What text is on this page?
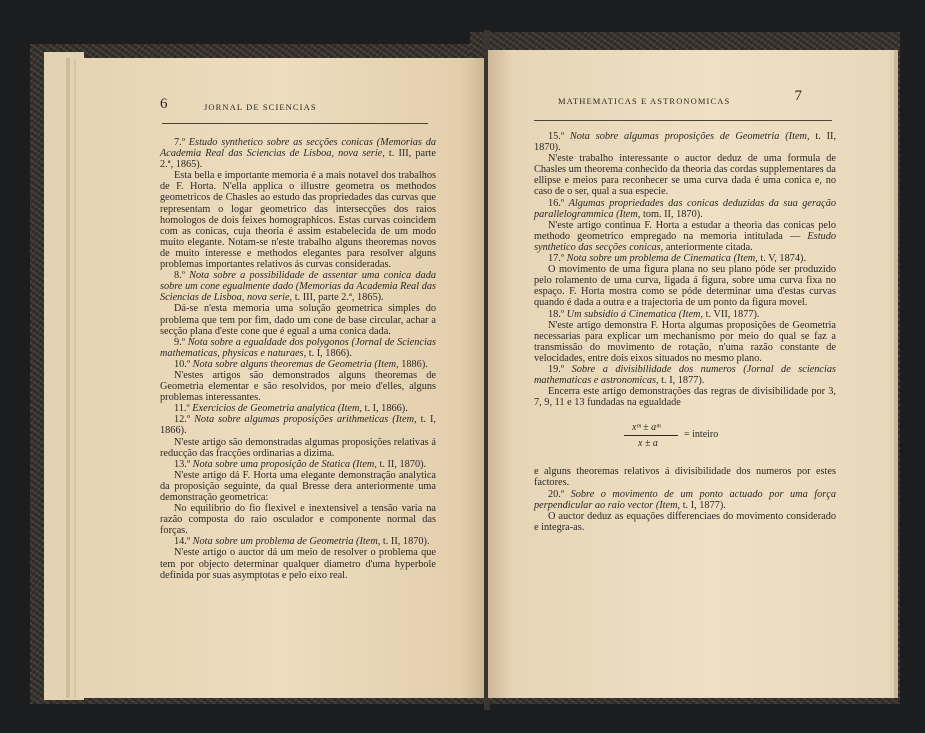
6	JORNAL DE SCIENCIAS

7.º Estudo synthetico sobre as secções conicas (Memorias da Academia Real das Sciencias de Lisboa, nova serie, t. III, parte 2.ª, 1865).

Esta bella e importante memoria é a mais notavel dos trabalhos de F. Horta. N'ella applica o illustre geometra os methodos geometricos de Chasles ao estudo das propriedades das curvas que representam o logar geometrico das intersecções dos raios homologos de dois feixes homographicos. Estas curvas coincidem com as conicas, cuja theoria é assim estabelecida de um modo muito elegante. Notam-se n'este trabalho alguns theoremas novos de muito interesse e methodos elegantes para resolver alguns problemas importantes relativos ás curvas consideradas.

8.º Nota sobre a possibilidade de assentar uma conica dada sobre um cone egualmente dado (Memorias da Academia Real das Sciencias de Lisboa, nova serie, t. III, parte 2.ª, 1865).

Dá-se n'esta memoria uma solução geometrica simples do problema que tem por fim, dado um cone de base circular, achar a secção plana d'este cone que é egual a uma conica dada.

9.º Nota sobre a egualdade dos polygonos (Jornal de Sciencias mathematicas, physicas e naturaes, t. I, 1866).

10.º Nota sobre alguns theoremas de Geometria (Item, 1886).

N'estes artigos são demonstrados alguns theoremas de Geometria elementar e são resolvidos, por meio d'elles, alguns problemas interessantes.

11.º Exercicios de Geometria analytica (Item, t. I, 1866).

12.º Nota sobre algumas proposições arithmeticas (Item, t. I, 1866).

N'este artigo são demonstradas algumas proposições relativas á reducção das fracções ordinarias a dizima.

13.º Nota sobre uma proposição de Statica (Item, t. II, 1870).

N'este artigo dá F. Horta uma elegante demonstração analytica da proposição seguinte, da qual Bresse dera anteriormente uma demonstração geometrica:

No equilibrio do fio flexivel e inextensivel a tensão varia na razão composta do raio osculador e componente normal das forças.

14.º Nota sobre um problema de Geometria (Item, t. II, 1870).

N'este artigo o auctor dá um meio de resolver o problema que tem por objecto determinar qualquer diametro d'uma hyperbole definida por suas asymptotas e pelo eixo real.

MATHEMATICAS E ASTRONOMICAS	7

15.º Nota sobre algumas proposições de Geometria (Item, t. II, 1870).

N'este trabalho interessante o auctor deduz de uma formula de Chasles um theorema conhecido da theoria das cordas supplementares da ellipse e meios para reconhecer se uma curva dada é uma conica e, no caso de o ser, qual a sua especie.

16.º Algumas propriedades das conicas deduzidas da sua geração parallelogrammica (Item, tom. II, 1870).

N'este artigo continua F. Horta a estudar a theoria das conicas pelo methodo geometrico empregado na memoria intitulada — Estudo synthetico das secções conicas, anteriormente citada.

17.º Nota sobre um problema de Cinematica (Item, t. V, 1874).

O movimento de uma figura plana no seu plano póde ser produzido pelo rolamento de uma curva, ligada á figura, sobre uma curva fixa no espaço. F. Horta mostra como se póde determinar uma d'estas curvas quando é dada a outra e a trajectoria de um ponto da figura movel.

18.º Um subsidio á Cinematica (Item, t. VII, 1877).

N'este artigo demonstra F. Horta algumas proposições de Geometria necessarias para explicar um mechanismo por meio do qual se faz a transmissão do movimento de rotação, n'uma razão constante de velocidades, entre dois eixos situados no mesmo plano.

19.º Sobre a divisibilidade dos numeros (Jornal de sciencias mathematicas e astronomicas, t. I, 1877).

Encerra este artigo demonstrações das regras de divisibilidade por 3, 7, 9, 11 e 13 fundadas na egualdade

xᵐ ± aᵐ
x ± a
= inteiro

e alguns theoremas relativos á divisibilidade dos numeros por estes factores.

20.º Sobre o movimento de um ponto actuado por uma força perpendicular ao raio vector (Item, t. I, 1877).

O auctor deduz as equações differenciaes do movimento considerado e integra-as.
